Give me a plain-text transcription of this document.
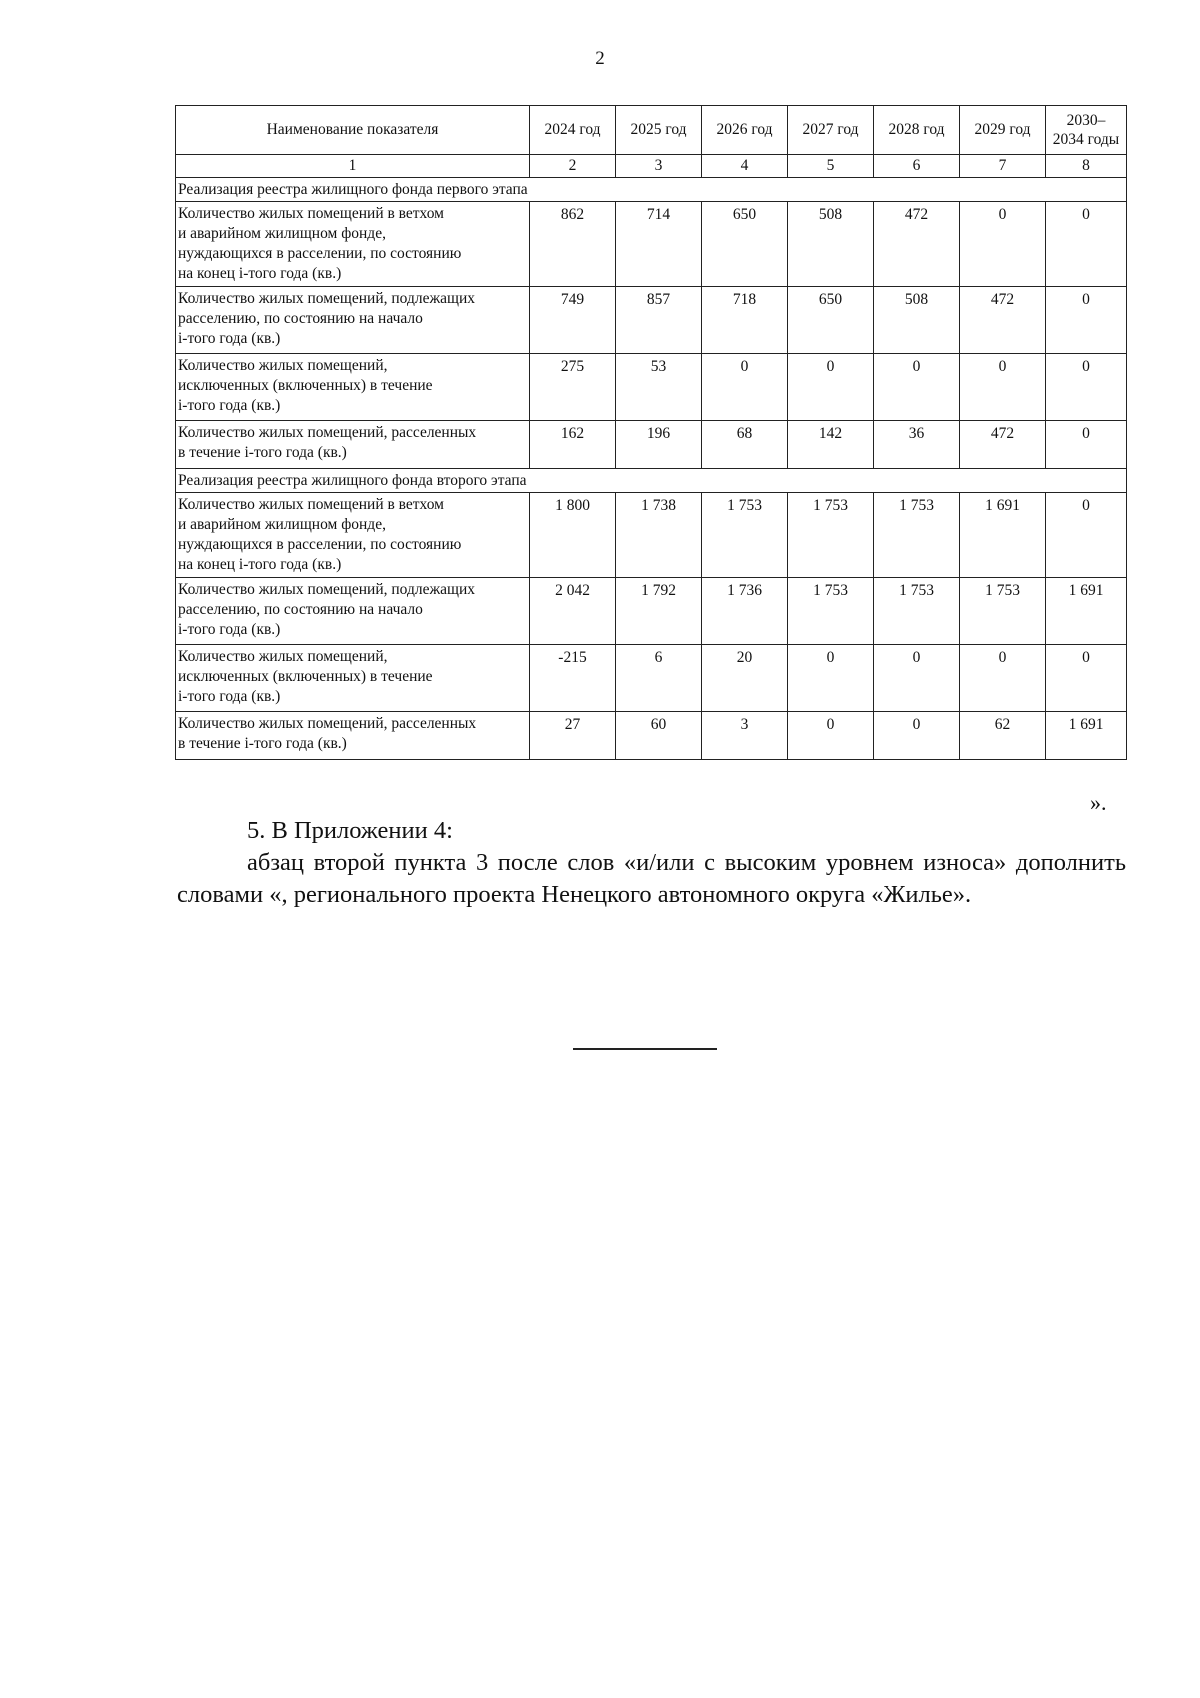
2
Наименование показателя	2024 год	2025 год	2026 год	2027 год	2028 год	2029 год	2030–
2034 годы
1	2	3	4	5	6	7	8
Реализация реестра жилищного фонда первого этапа							
Количество жилых помещений в ветхом
и аварийном жилищном фонде,
нуждающихся в расселении, по состоянию
на конец i-того года (кв.)	862	714	650	508	472	0	0
Количество жилых помещений, подлежащих
расселению, по состоянию на начало
i-того года (кв.)	749	857	718	650	508	472	0
Количество жилых помещений,
исключенных (включенных) в течение
i-того года (кв.)	275	53	0	0	0	0	0
Количество жилых помещений, расселенных
в течение i-того года (кв.)	162	196	68	142	36	472	0
Реализация реестра жилищного фонда второго этапа							
Количество жилых помещений в ветхом
и аварийном жилищном фонде,
нуждающихся в расселении, по состоянию
на конец i-того года (кв.)	1 800	1 738	1 753	1 753	1 753	1 691	0
Количество жилых помещений, подлежащих
расселению, по состоянию на начало
i-того года (кв.)	2 042	1 792	1 736	1 753	1 753	1 753	1 691
Количество жилых помещений,
исключенных (включенных) в течение
i-того года (кв.)	-215	6	20	0	0	0	0
Количество жилых помещений, расселенных
в течение i-того года (кв.)	27	60	3	0	0	62	1 691
».
5. В Приложении 4:
абзац второй пункта 3 после слов «и/или с высоким уровнем износа» дополнить словами «, регионального проекта Ненецкого автономного округа «Жилье».
